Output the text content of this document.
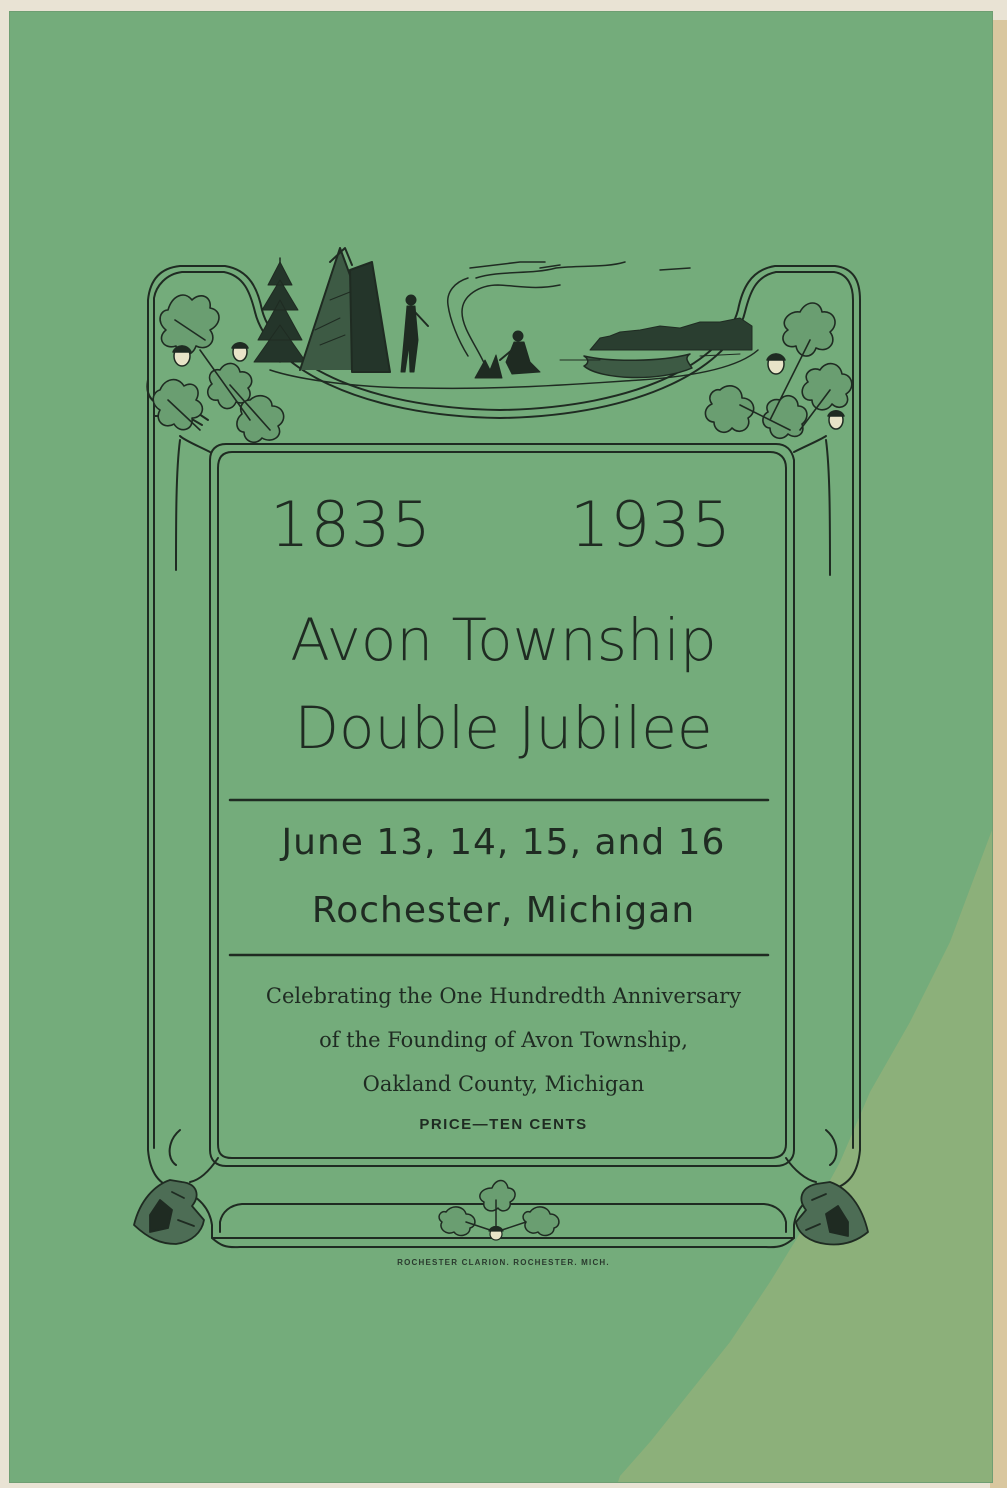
1835 1935
Avon Township
Double Jubilee
June 13, 14, 15, and 16
Rochester, Michigan
Celebrating the One Hundredth Anniversary
of the Founding of Avon Township,
Oakland County, Michigan
PRICE—TEN CENTS
ROCHESTER CLARION. ROCHESTER. MICH.
